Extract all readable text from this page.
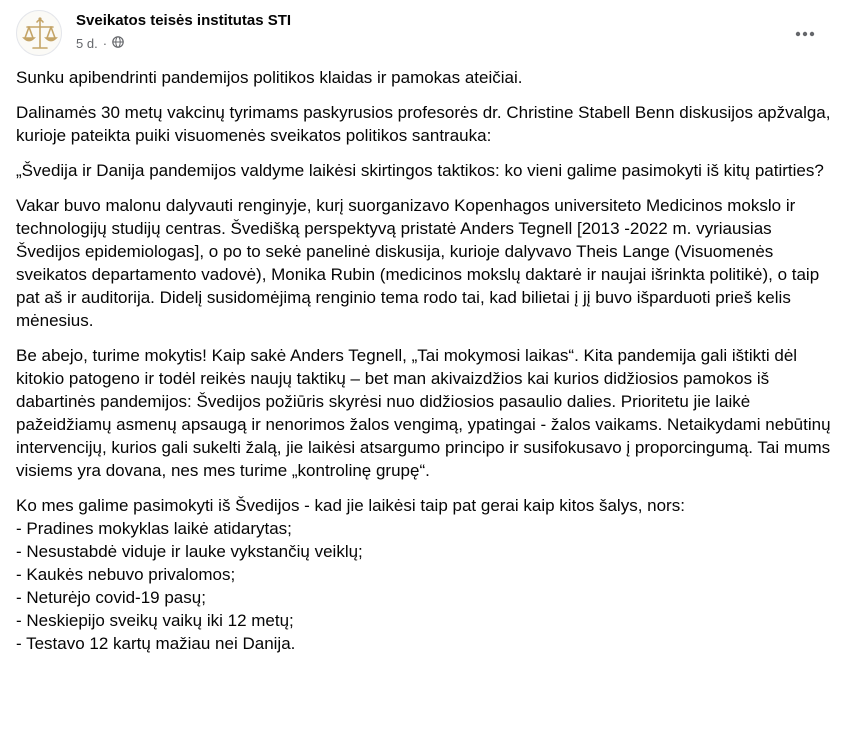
Sveikatos teisės institutas STI
5 d. ·

Sunku apibendrinti pandemijos politikos klaidas ir pamokas ateičiai.

Dalinamės 30 metų vakcinų tyrimams paskyrusios profesorės dr. Christine Stabell Benn diskusijos apžvalga, kurioje pateikta puiki visuomenės sveikatos politikos santrauka:

„Švedija ir Danija pandemijos valdyme laikėsi skirtingos taktikos: ko vieni galime pasimokyti iš kitų patirties?

Vakar buvo malonu dalyvauti renginyje, kurį suorganizavo Kopenhagos universiteto Medicinos mokslo ir technologijų studijų centras. Švedišką perspektyvą pristatė Anders Tegnell [2013 -2022 m. vyriausias Švedijos epidemiologas], o po to sekė panelinė diskusija, kurioje dalyvavo Theis Lange (Visuomenės sveikatos departamento vadovė), Monika Rubin (medicinos mokslų daktarė ir naujai išrinkta politikė), o taip pat aš ir auditorija. Didelį susidomėjimą renginio tema rodo tai, kad bilietai į jį buvo išparduoti prieš kelis mėnesius.

Be abejo, turime mokytis! Kaip sakė Anders Tegnell, „Tai mokymosi laikas“. Kita pandemija gali ištikti dėl kitokio patogeno ir todėl reikės naujų taktikų – bet man akivaizdžios kai kurios didžiosios pamokos iš dabartinės pandemijos: Švedijos požiūris skyrėsi nuo didžiosios pasaulio dalies. Prioritetu jie laikė pažeidžiamų asmenų apsaugą ir nenorimos žalos vengimą, ypatingai - žalos vaikams. Netaikydami nebūtinų intervencijų, kurios gali sukelti žalą, jie laikėsi atsargumo principo ir susifokusavo į proporcingumą. Tai mums visiems yra dovana, nes mes turime „kontrolinę grupę“.

Ko mes galime pasimokyti iš Švedijos - kad jie laikėsi taip pat gerai kaip kitos šalys, nors:
- Pradines mokyklas laikė atidarytas;
- Nesustabdė viduje ir lauke vykstančių veiklų;
- Kaukės nebuvo privalomos;
- Neturėjo covid-19 pasų;
- Neskiepijo sveikų vaikų iki 12 metų;
- Testavo 12 kartų mažiau nei Danija.
